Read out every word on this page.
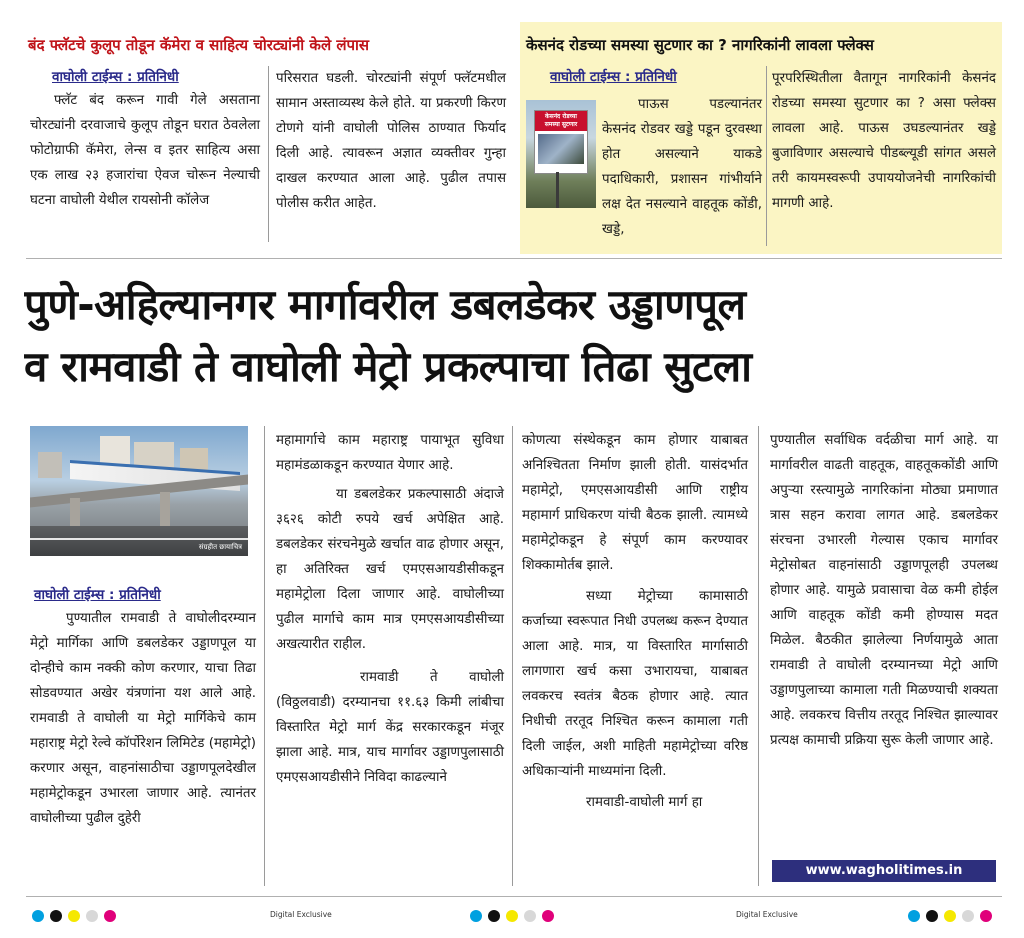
बंद फ्लॅटचे कुलूप तोडून कॅमेरा व साहित्य चोरट्यांनी केले लंपास
वाघोली टाईम्स : प्रतिनिधी

फ्लॅट बंद करून गावी गेले असताना चोरट्यांनी दरवाजाचे कुलूप तोडून घरात ठेवलेला फोटोग्राफी कॅमेरा, लेन्स व इतर साहित्य असा एक लाख २३ हजारांचा ऐवज चोरून नेल्याची घटना वाघोली येथील रायसोनी कॉलेज

परिसरात घडली. चोरट्यांनी संपूर्ण फ्लॅटमधील सामान अस्ताव्यस्थ केले होते. या प्रकरणी किरण टोणगे यांनी वाघोली पोलिस ठाण्यात फिर्याद दिली आहे. त्यावरून अज्ञात व्यक्तीवर गुन्हा दाखल करण्यात आला आहे. पुढील तपास पोलीस करीत आहेत.

केसनंद रोडच्या समस्या सुटणार का ? नागरिकांनी लावला फ्लेक्स
वाघोली टाईम्स : प्रतिनिधी
केसनंद रोडच्या समस्या सुटणार

पाऊस पडल्यानंतर केसनंद रोडवर खड्डे पडून दुरवस्था होत असल्याने याकडे पदाधिकारी, प्रशासन गांभीर्याने लक्ष देत नसल्याने वाहतूक कोंडी, खड्डे,

पूरपरिस्थितीला वैतागून नागरिकांनी केसनंद रोडच्या समस्या सुटणार का ? असा फ्लेक्स लावला आहे. पाऊस उघडल्यानंतर खड्डे बुजाविणार असल्याचे पीडब्ल्यूडी सांगत असले तरी कायमस्वरूपी उपाययोजनेची नागरिकांची मागणी आहे.

पुणे-अहिल्यानगर मार्गावरील डबलडेकर उड्डाणपूल
व रामवाडी ते वाघोली मेट्रो प्रकल्पाचा तिढा सुटला
संग्रहीत छायाचित्र
वाघोली टाईम्स : प्रतिनिधी

पुण्यातील रामवाडी ते वाघोलीदरम्यान मेट्रो मार्गिका आणि डबलडेकर उड्डाणपूल या दोन्हीचे काम नक्की कोण करणार, याचा तिढा सोडवण्यात अखेर यंत्रणांना यश आले आहे. रामवाडी ते वाघोली या मेट्रो मार्गिकेचे काम महाराष्ट्र मेट्रो रेल्वे कॉर्पोरेशन लिमिटेड (महामेट्रो) करणार असून, वाहनांसाठीचा उड्डाणपूलदेखील महामेट्रोकडून उभारला जाणार आहे. त्यानंतर वाघोलीच्या पुढील दुहेरी

महामार्गाचे काम महाराष्ट्र पायाभूत सुविधा महामंडळाकडून करण्यात येणार आहे.

या डबलडेकर प्रकल्पासाठी अंदाजे ३६२६ कोटी रुपये खर्च अपेक्षित आहे. डबलडेकर संरचनेमुळे खर्चात वाढ होणार असून, हा अतिरिक्त खर्च एमएसआयडीसीकडून महामेट्रोला दिला जाणार आहे. वाघोलीच्या पुढील मार्गाचे काम मात्र एमएसआयडीसीच्या अखत्यारीत राहील.

रामवाडी ते वाघोली (विठ्ठलवाडी) दरम्यानचा ११.६३ किमी लांबीचा विस्तारित मेट्रो मार्ग केंद्र सरकारकडून मंजूर झाला आहे. मात्र, याच मार्गावर उड्डाणपुलासाठी एमएसआयडीसीने निविदा काढल्याने

कोणत्या संस्थेकडून काम होणार याबाबत अनिश्चितता निर्माण झाली होती. यासंदर्भात महामेट्रो, एमएसआयडीसी आणि राष्ट्रीय महामार्ग प्राधिकरण यांची बैठक झाली. त्यामध्ये महामेट्रोकडून हे संपूर्ण काम करण्यावर शिक्कामोर्तब झाले.

सध्या मेट्रोच्या कामासाठी कर्जाच्या स्वरूपात निधी उपलब्ध करून देण्यात आला आहे. मात्र, या विस्तारित मार्गासाठी लागणारा खर्च कसा उभारायचा, याबाबत लवकरच स्वतंत्र बैठक होणार आहे. त्यात निधीची तरतूद निश्चित करून कामाला गती दिली जाईल, अशी माहिती महामेट्रोच्या वरिष्ठ अधिकाऱ्यांनी माध्यमांना दिली.

रामवाडी-वाघोली मार्ग हा

पुण्यातील सर्वाधिक वर्दळीचा मार्ग आहे. या मार्गावरील वाढती वाहतूक, वाहतूककोंडी आणि अपुऱ्या रस्त्यामुळे नागरिकांना मोठ्या प्रमाणात त्रास सहन करावा लागत आहे. डबलडेकर संरचना उभारली गेल्यास एकाच मार्गावर मेट्रोसोबत वाहनांसाठी उड्डाणपूलही उपलब्ध होणार आहे. यामुळे प्रवासाचा वेळ कमी होईल आणि वाहतूक कोंडी कमी होण्यास मदत मिळेल. बैठकीत झालेल्या निर्णयामुळे आता रामवाडी ते वाघोली दरम्यानच्या मेट्रो आणि उड्डाणपुलाच्या कामाला गती मिळण्याची शक्यता आहे. लवकरच वित्तीय तरतूद निश्चित झाल्यावर प्रत्यक्ष कामाची प्रक्रिया सुरू केली जाणार आहे.

www.wagholitimes.in
Digital Exclusive	Digital Exclusive
